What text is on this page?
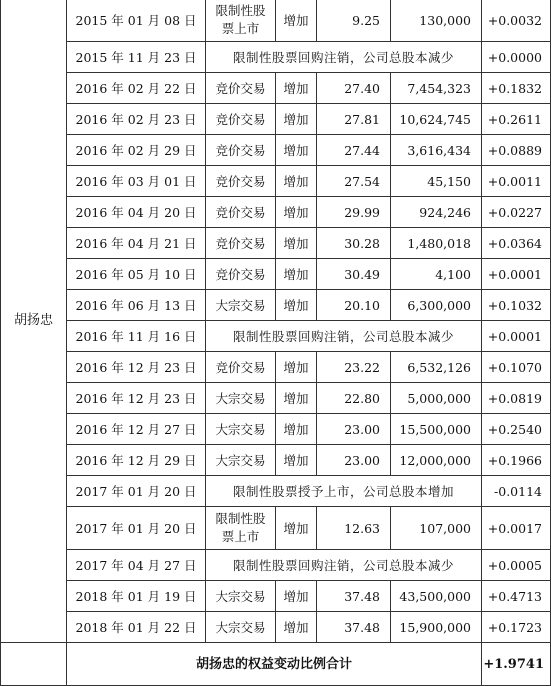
胡扬忠	2015 年 01 月 08 日	限制性股票上市	增加	9.25	130,000	+0.0032
	2015 年 11 月 23 日	限制性股票回购注销，公司总股本减少				+0.0000
	2016 年 02 月 22 日	竞价交易	增加	27.40	7,454,323	+0.1832
	2016 年 02 月 23 日	竞价交易	增加	27.81	10,624,745	+0.2611
	2016 年 02 月 29 日	竞价交易	增加	27.44	3,616,434	+0.0889
	2016 年 03 月 01 日	竞价交易	增加	27.54	45,150	+0.0011
	2016 年 04 月 20 日	竞价交易	增加	29.99	924,246	+0.0227
	2016 年 04 月 21 日	竞价交易	增加	30.28	1,480,018	+0.0364
	2016 年 05 月 10 日	竞价交易	增加	30.49	4,100	+0.0001
	2016 年 06 月 13 日	大宗交易	增加	20.10	6,300,000	+0.1032
	2016 年 11 月 16 日	限制性股票回购注销，公司总股本减少				+0.0001
	2016 年 12 月 23 日	竞价交易	增加	23.22	6,532,126	+0.1070
	2016 年 12 月 23 日	大宗交易	增加	22.80	5,000,000	+0.0819
	2016 年 12 月 27 日	大宗交易	增加	23.00	15,500,000	+0.2540
	2016 年 12 月 29 日	大宗交易	增加	23.00	12,000,000	+0.1966
	2017 年 01 月 20 日	限制性股票授予上市，公司总股本增加				-0.0114
	2017 年 01 月 20 日	限制性股票上市	增加	12.63	107,000	+0.0017
	2017 年 04 月 27 日	限制性股票回购注销，公司总股本减少				+0.0005
	2018 年 01 月 19 日	大宗交易	增加	37.48	43,500,000	+0.4713
	2018 年 01 月 22 日	大宗交易	增加	37.48	15,900,000	+0.1723
	胡扬忠的权益变动比例合计					+1.9741
